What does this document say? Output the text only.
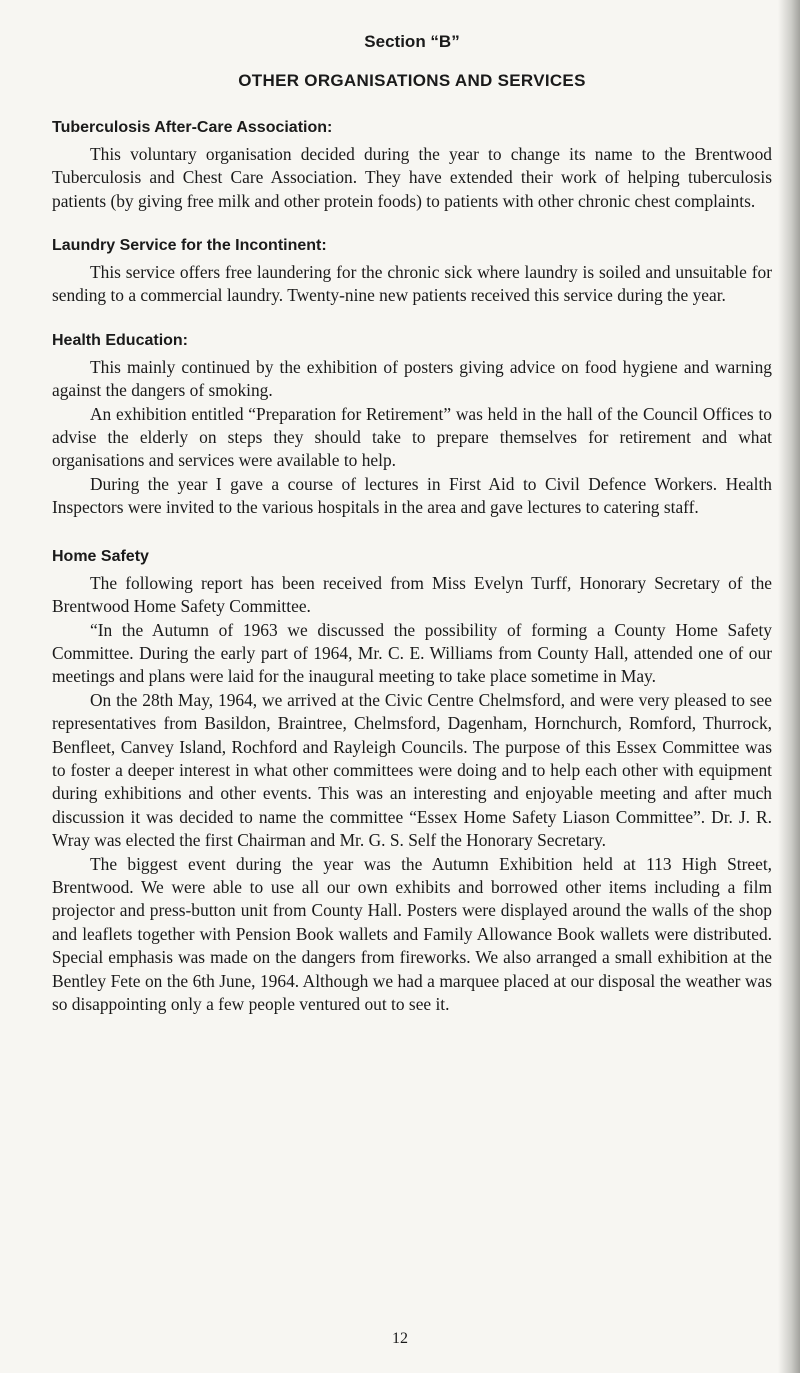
Section “B”
OTHER ORGANISATIONS AND SERVICES
Tuberculosis After-Care Association:

This voluntary organisation decided during the year to change its name to the Brentwood Tuberculosis and Chest Care Association. They have extended their work of helping tuberculosis patients (by giving free milk and other protein foods) to patients with other chronic chest complaints.

Laundry Service for the Incontinent:

This service offers free laundering for the chronic sick where laundry is soiled and unsuitable for sending to a commercial laundry. Twenty-nine new patients received this service during the year.

Health Education:

This mainly continued by the exhibition of posters giving advice on food hygiene and warning against the dangers of smoking.

An exhibition entitled “Preparation for Retirement” was held in the hall of the Council Offices to advise the elderly on steps they should take to prepare themselves for retirement and what organisations and services were available to help.

During the year I gave a course of lectures in First Aid to Civil Defence Workers. Health Inspectors were invited to the various hospitals in the area and gave lectures to catering staff.

Home Safety

The following report has been received from Miss Evelyn Turff, Honorary Secretary of the Brentwood Home Safety Committee.

“In the Autumn of 1963 we discussed the possibility of forming a County Home Safety Committee. During the early part of 1964, Mr. C. E. Williams from County Hall, attended one of our meetings and plans were laid for the inaugural meeting to take place sometime in May.

On the 28th May, 1964, we arrived at the Civic Centre Chelmsford, and were very pleased to see representatives from Basildon, Braintree, Chelmsford, Dagenham, Hornchurch, Romford, Thurrock, Benfleet, Canvey Island, Rochford and Rayleigh Councils. The purpose of this Essex Committee was to foster a deeper interest in what other committees were doing and to help each other with equipment during exhibitions and other events. This was an interesting and enjoyable meeting and after much discussion it was decided to name the committee “Essex Home Safety Liason Committee”. Dr. J. R. Wray was elected the first Chairman and Mr. G. S. Self the Honorary Secretary.

The biggest event during the year was the Autumn Exhibition held at 113 High Street, Brentwood. We were able to use all our own exhibits and borrowed other items including a film projector and press-button unit from County Hall. Posters were displayed around the walls of the shop and leaflets together with Pension Book wallets and Family Allowance Book wallets were distributed. Special emphasis was made on the dangers from fireworks. We also arranged a small exhibition at the Bentley Fete on the 6th June, 1964. Although we had a marquee placed at our disposal the weather was so disappointing only a few people ventured out to see it.

12
